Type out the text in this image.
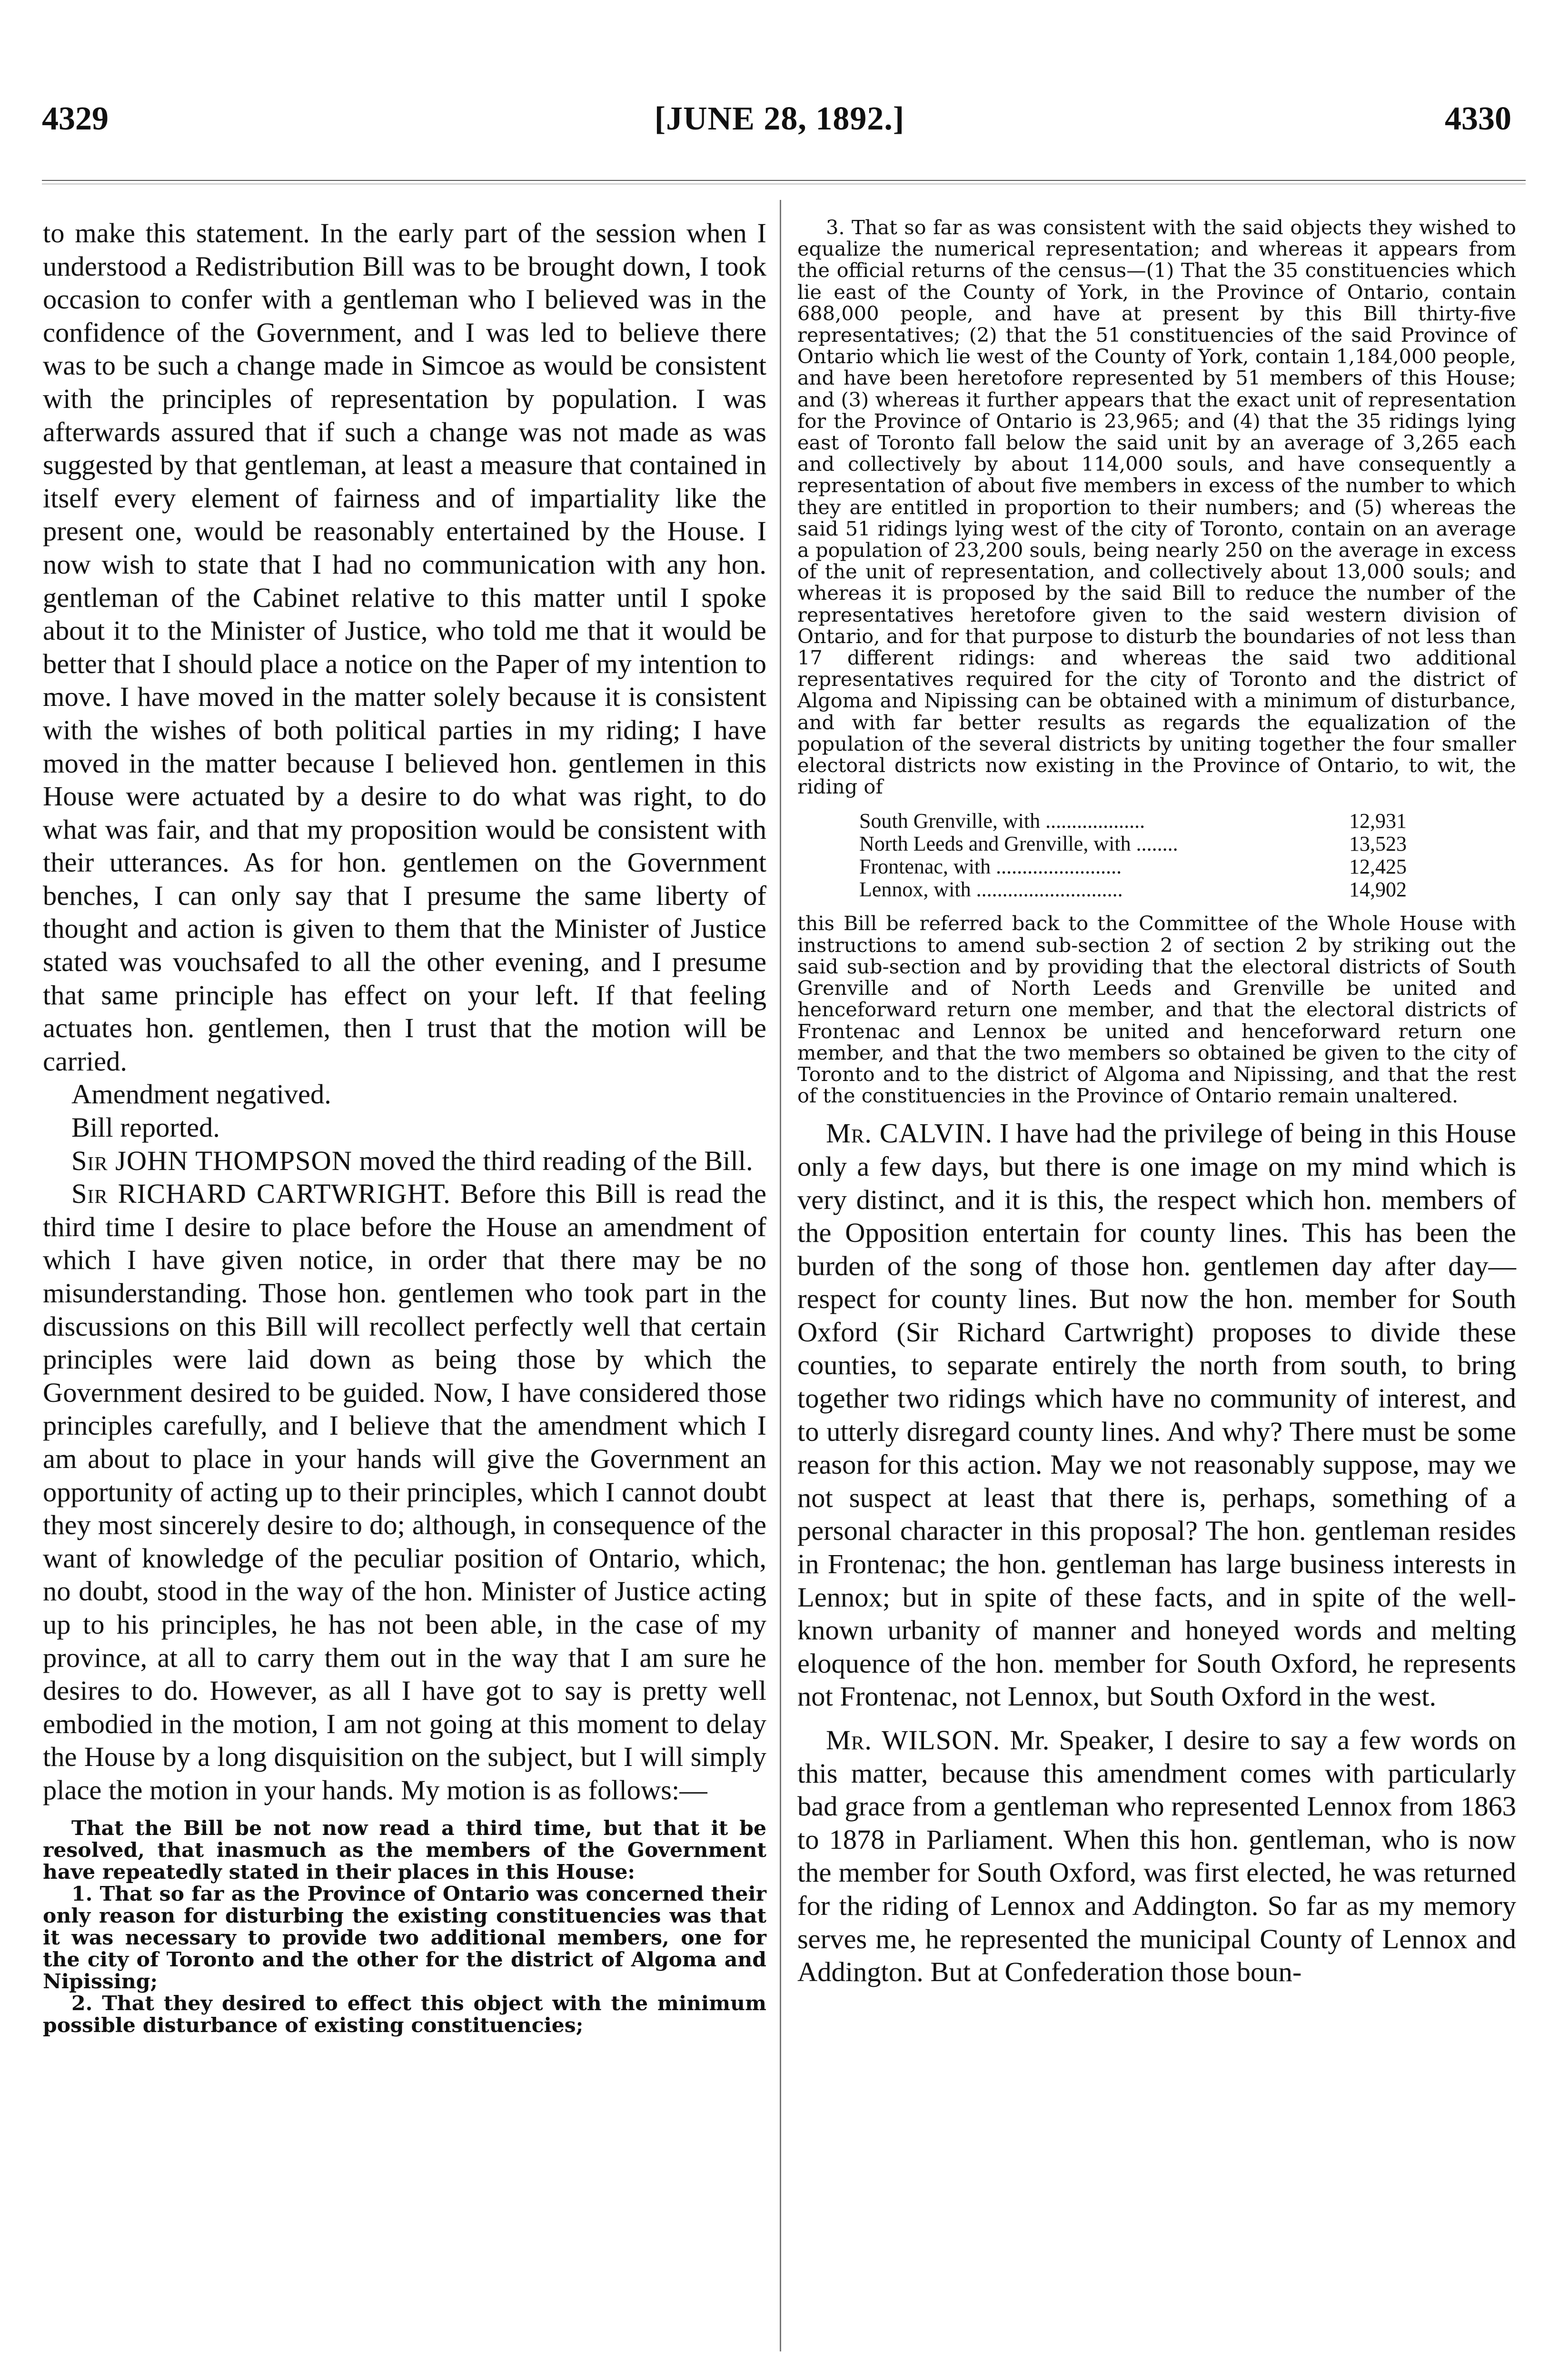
4329	[JUNE 28, 1892.]	4330

to make this statement. In the early part of the session when I understood a Redistribution Bill was to be brought down, I took occasion to confer with a gentleman who I believed was in the confidence of the Government, and I was led to believe there was to be such a change made in Simcoe as would be consistent with the principles of representation by population. I was afterwards assured that if such a change was not made as was suggested by that gentleman, at least a measure that contained in itself every element of fairness and of impartiality like the present one, would be reasonably entertained by the House. I now wish to state that I had no communication with any hon. gentleman of the Cabinet relative to this matter until I spoke about it to the Minister of Justice, who told me that it would be better that I should place a notice on the Paper of my intention to move. I have moved in the matter solely because it is consistent with the wishes of both political parties in my riding; I have moved in the matter because I believed hon. gentlemen in this House were actuated by a desire to do what was right, to do what was fair, and that my proposition would be consistent with their utterances. As for hon. gentlemen on the Government benches, I can only say that I presume the same liberty of thought and action is given to them that the Minister of Justice stated was vouchsafed to all the other evening, and I presume that same principle has effect on your left. If that feeling actuates hon. gentlemen, then I trust that the motion will be carried.

Amendment negatived.

Bill reported.

Sir JOHN THOMPSON moved the third reading of the Bill.

Sir RICHARD CARTWRIGHT. Before this Bill is read the third time I desire to place before the House an amendment of which I have given notice, in order that there may be no misunderstanding. Those hon. gentlemen who took part in the discussions on this Bill will recollect perfectly well that certain principles were laid down as being those by which the Government desired to be guided. Now, I have considered those principles carefully, and I believe that the amendment which I am about to place in your hands will give the Government an opportunity of acting up to their principles, which I cannot doubt they most sincerely desire to do; although, in consequence of the want of knowledge of the peculiar position of Ontario, which, no doubt, stood in the way of the hon. Minister of Justice acting up to his principles, he has not been able, in the case of my province, at all to carry them out in the way that I am sure he desires to do. However, as all I have got to say is pretty well embodied in the motion, I am not going at this moment to delay the House by a long disquisition on the subject, but I will simply place the motion in your hands. My motion is as follows:—

That the Bill be not now read a third time, but that it be resolved, that inasmuch as the members of the Government have repeatedly stated in their places in this House:

1. That so far as the Province of Ontario was concerned their only reason for disturbing the existing constituencies was that it was necessary to provide two additional members, one for the city of Toronto and the other for the district of Algoma and Nipissing;

2. That they desired to effect this object with the minimum possible disturbance of existing constituencies;

3. That so far as was consistent with the said objects they wished to equalize the numerical representation; and whereas it appears from the official returns of the census—(1) That the 35 constituencies which lie east of the County of York, in the Province of Ontario, contain 688,000 people, and have at present by this Bill thirty-five representatives; (2) that the 51 constituencies of the said Province of Ontario which lie west of the County of York, contain 1,184,000 people, and have been heretofore represented by 51 members of this House; and (3) whereas it further appears that the exact unit of representation for the Province of Ontario is 23,965; and (4) that the 35 ridings lying east of Toronto fall below the said unit by an average of 3,265 each and collectively by about 114,000 souls, and have consequently a representation of about five members in excess of the number to which they are entitled in proportion to their numbers; and (5) whereas the said 51 ridings lying west of the city of Toronto, contain on an average a population of 23,200 souls, being nearly 250 on the average in excess of the unit of representation, and collectively about 13,000 souls; and whereas it is proposed by the said Bill to reduce the number of the representatives heretofore given to the said western division of Ontario, and for that purpose to disturb the boundaries of not less than 17 different ridings: and whereas the said two additional representatives required for the city of Toronto and the district of Algoma and Nipissing can be obtained with a minimum of disturbance, and with far better results as regards the equalization of the population of the several districts by uniting together the four smaller electoral districts now existing in the Province of Ontario, to wit, the riding of

South Grenville, with ...................	12,931
North Leeds and Grenville, with ........	13,523
Frontenac, with ........................	12,425
Lennox, with ............................	14,902

this Bill be referred back to the Committee of the Whole House with instructions to amend sub-section 2 of section 2 by striking out the said sub-section and by providing that the electoral districts of South Grenville and of North Leeds and Grenville be united and henceforward return one member, and that the electoral districts of Frontenac and Lennox be united and henceforward return one member, and that the two members so obtained be given to the city of Toronto and to the district of Algoma and Nipissing, and that the rest of the constituencies in the Province of Ontario remain unaltered.

Mr. CALVIN. I have had the privilege of being in this House only a few days, but there is one image on my mind which is very distinct, and it is this, the respect which hon. members of the Opposition entertain for county lines. This has been the burden of the song of those hon. gentlemen day after day—respect for county lines. But now the hon. member for South Oxford (Sir Richard Cartwright) proposes to divide these counties, to separate entirely the north from south, to bring together two ridings which have no community of interest, and to utterly disregard county lines. And why? There must be some reason for this action. May we not reasonably suppose, may we not suspect at least that there is, perhaps, something of a personal character in this proposal? The hon. gentleman resides in Frontenac; the hon. gentleman has large business interests in Lennox; but in spite of these facts, and in spite of the well-known urbanity of manner and honeyed words and melting eloquence of the hon. member for South Oxford, he represents not Frontenac, not Lennox, but South Oxford in the west.

Mr. WILSON. Mr. Speaker, I desire to say a few words on this matter, because this amendment comes with particularly bad grace from a gentleman who represented Lennox from 1863 to 1878 in Parliament. When this hon. gentleman, who is now the member for South Oxford, was first elected, he was returned for the riding of Lennox and Addington. So far as my memory serves me, he represented the municipal County of Lennox and Addington. But at Confederation those boun-
